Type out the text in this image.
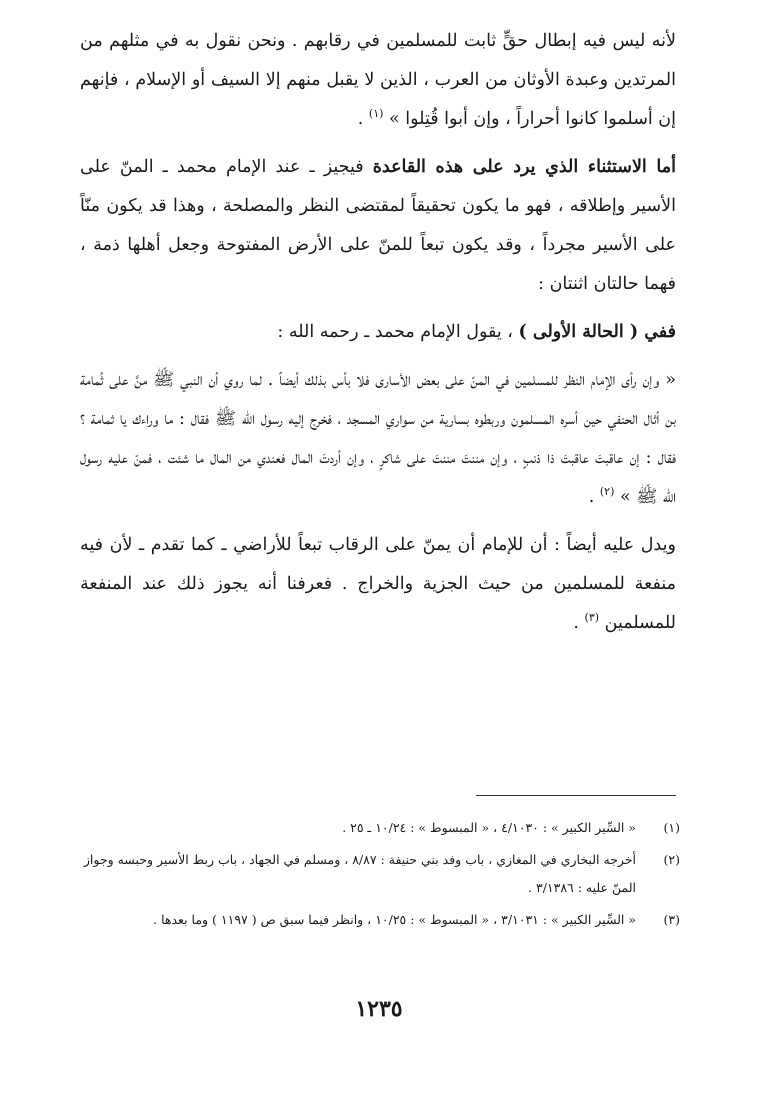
لأنه ليس فيه إبطال حقٍّ ثابت للمسلمين في رقابهم . ونحن نقول به في مثلهم من المرتدين وعبدة الأوثان من العرب ، الذين لا يقبل منهم إلا السيف أو الإسلام ، فإنهم إن أسلموا كانوا أحراراً ، وإن أبوا قُتِلوا » $^{(١)}$ .

أما الاستثناء الذي يرد على هذه القاعدة فيجيز ـ عند الإمام محمد ـ المنّ على الأسير وإطلاقه ، فهو ما يكون تحقيقاً لمقتضى النظر والمصلحة ، وهذا قد يكون منّاً على الأسير مجرداً ، وقد يكون تبعاً للمنّ على الأرض المفتوحة وجعل أهلها ذمة ، فهما حالتان اثنتان :

ففي ( الحالة الأولى ) ، يقول الإمام محمد ـ رحمه الله :

« وإن رأى الإمام النظر للمسلمين في المنّ على بعض الأسارى فلا بأس بذلك أيضاً . لما روي أن النبي ﷺ منَّ على ثُمامة بن أثال الحنفي حين أسره المسلمون وربطوه بسارية من سواري المسجد ، فخرج إليه رسول الله ﷺ فقال : ما وراءك يا ثمامة ؟ فقال : إن عاقبتَ عاقبتَ ذا ذنبٍ ، وإن مننتَ مننتَ على شاكرٍ ، وإن أردتَ المال فعندي من المال ما شئت ، فمنّ عليه رسول الله ﷺ » $^{(٢)}$ .

ويدل عليه أيضاً : أن للإمام أن يمنّ على الرقاب تبعاً للأراضي ـ كما تقدم ـ لأن فيه منفعة للمسلمين من حيث الجزية والخراج . فعرفنا أنه يجوز ذلك عند المنفعة للمسلمين $^{(٣)}$ .

(١)
« السِّير الكبير » : ٤/١٠٣٠ ، « المبسوط » : ١٠/٢٤ ـ ٢٥ .
(٢)
أخرجه البخاري في المغازي ، باب وفد بني حنيفة : ٨/٨٧ ، ومسلم في الجهاد ، باب ربط الأسير وحبسه وجواز المنّ عليه : ٣/١٣٨٦ .
(٣)
« السِّير الكبير » : ٣/١٠٣١ ، « المبسوط » : ١٠/٢٥ ، وانظر فيما سبق ص ( ١١٩٧ ) وما بعدها .
١٢٣٥
